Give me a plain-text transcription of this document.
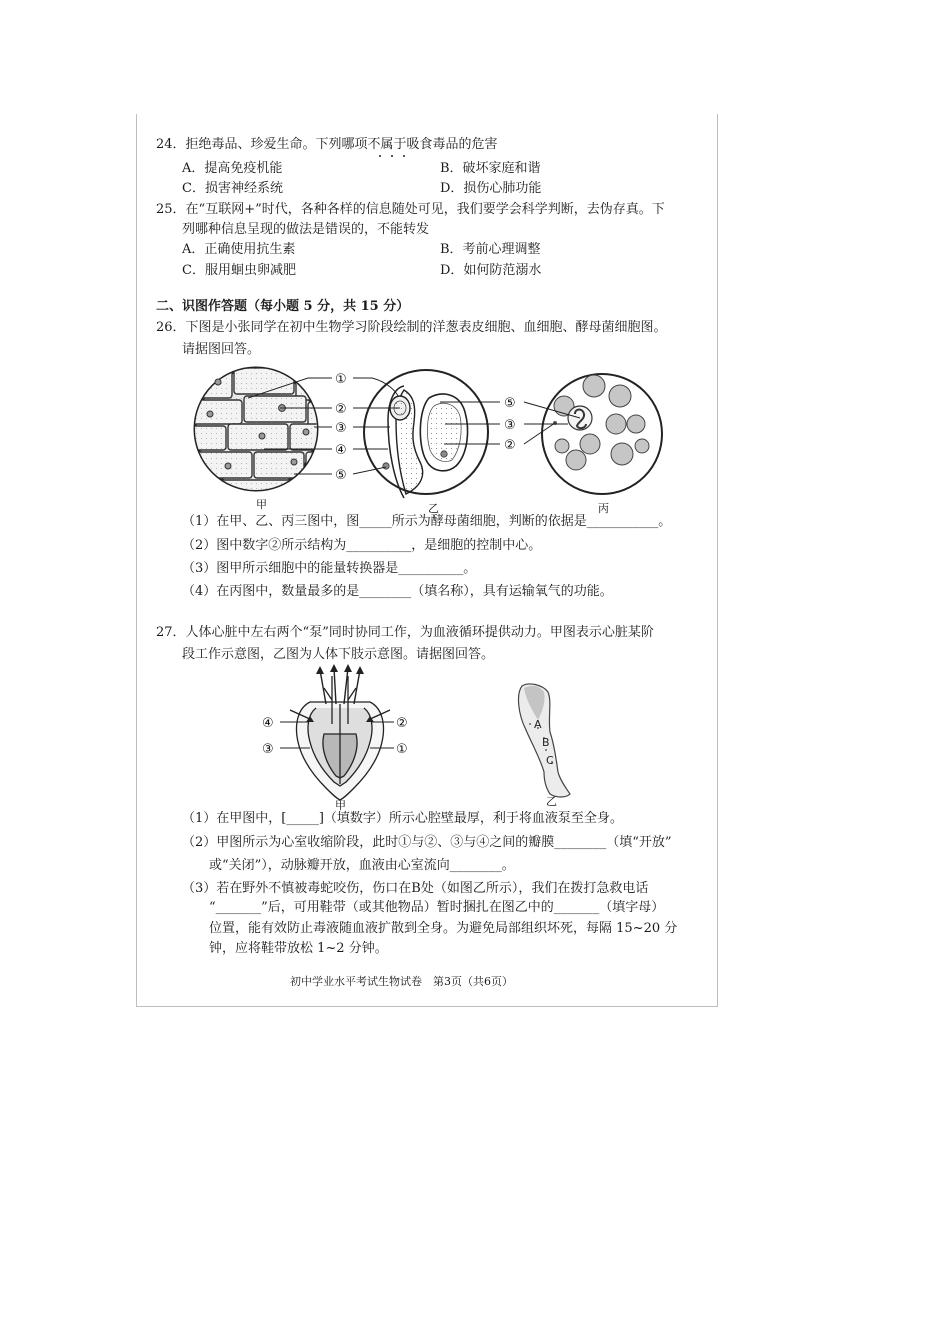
24．拒绝毒品、珍爱生命。下列哪项不属于吸食毒品的危害
A．提高免疫机能	B．破坏家庭和谐
C．损害神经系统	D．损伤心肺功能
25．在“互联网+”时代，各种各样的信息随处可见，我们要学会科学判断，去伪存真。下
列哪种信息呈现的做法是错误的，不能转发
A．正确使用抗生素	B．考前心理调整
C．服用蛔虫卵减肥	D．如何防范溺水
二、识图作答题（每小题 5 分，共 15 分）
26．下图是小张同学在初中生物学习阶段绘制的洋葱表皮细胞、血细胞、酵母菌细胞图。
请据图回答。
①
②
③
④
⑤
⑤
③
②
甲	乙	丙
（1）在甲、乙、丙三图中，图_____所示为酵母菌细胞，判断的依据是___________。
（2）图中数字②所示结构为__________，是细胞的控制中心。
（3）图甲所示细胞中的能量转换器是__________。
（4）在丙图中，数量最多的是________（填名称），具有运输氧气的功能。
27．人体心脏中左右两个“泵”同时协同工作，为血液循环提供动力。甲图表示心脏某阶
段工作示意图，乙图为人体下肢示意图。请据图回答。
④	②
③	①
甲
A
B
C
乙
（1）在甲图中，[_____]（填数字）所示心腔壁最厚，利于将血液泵至全身。
（2）甲图所示为心室收缩阶段，此时①与②、③与④之间的瓣膜________（填“开放”
或“关闭”），动脉瓣开放，血液由心室流向________。
（3）若在野外不慎被毒蛇咬伤，伤口在B处（如图乙所示），我们在拨打急救电话
“_______”后，可用鞋带（或其他物品）暂时捆扎在图乙中的_______（填字母）
位置，能有效防止毒液随血液扩散到全身。为避免局部组织坏死，每隔 15~20 分
钟，应将鞋带放松 1~2 分钟。
初中学业水平考试生物试卷　第3页（共6页）
